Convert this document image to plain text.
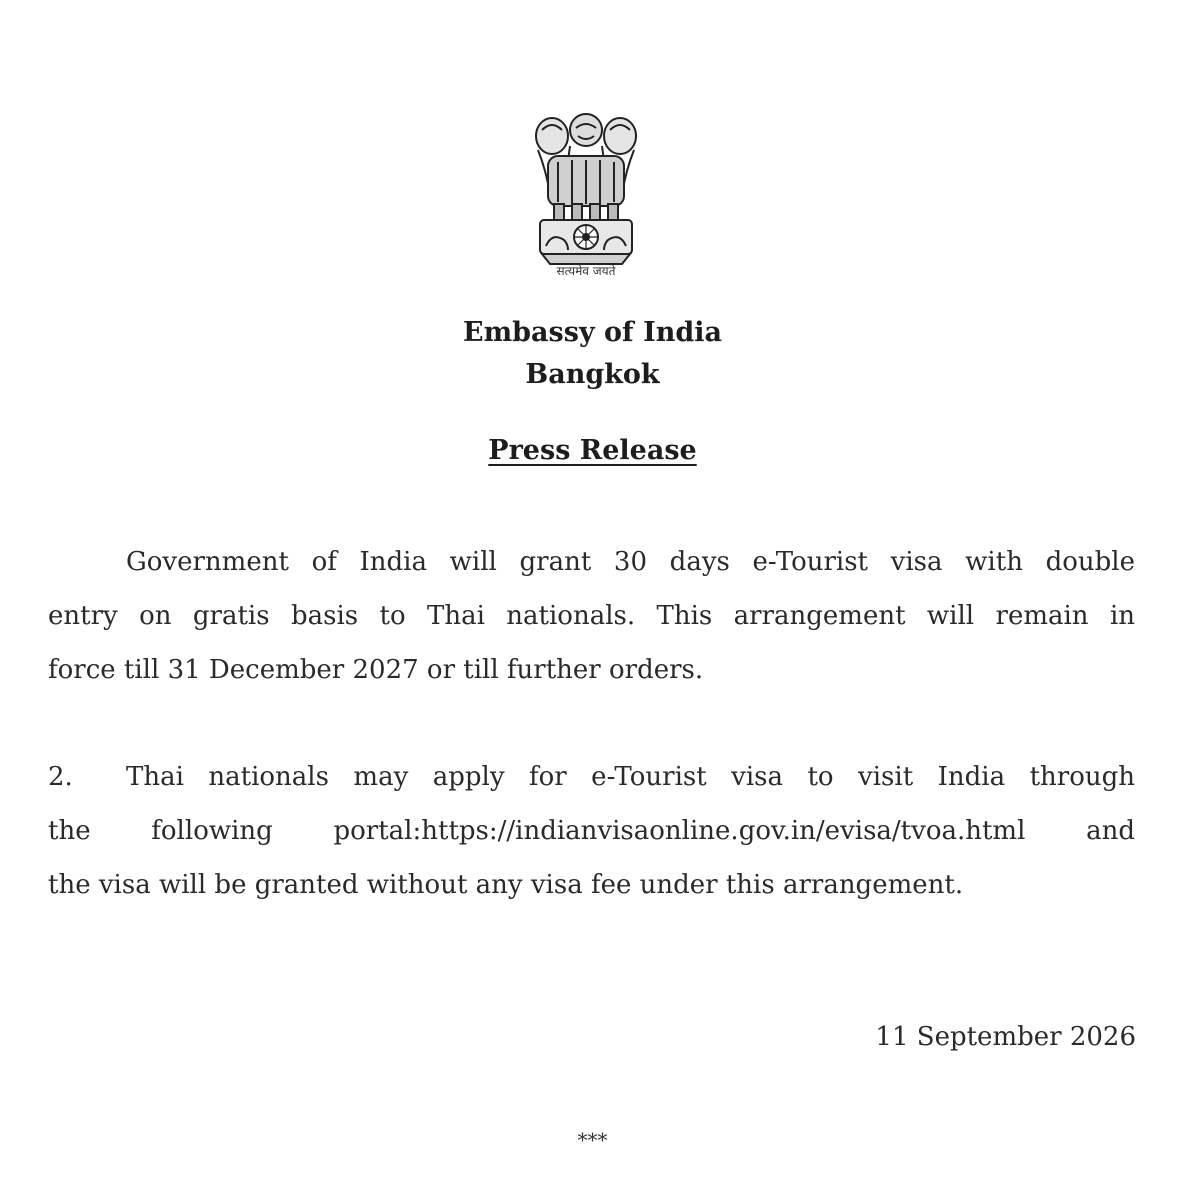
सत्यमेव जयते
Embassy of India
Bangkok
Press Release
Government of India will grant 30 days e-Tourist visa with double
entry on gratis basis to Thai nationals. This arrangement will remain in
force till 31 December 2027 or till further orders.
2. Thai nationals may apply for e-Tourist visa to visit India through
the following portal:https://indianvisaonline.gov.in/evisa/tvoa.html and
the visa will be granted without any visa fee under this arrangement.
11 September 2026
***
